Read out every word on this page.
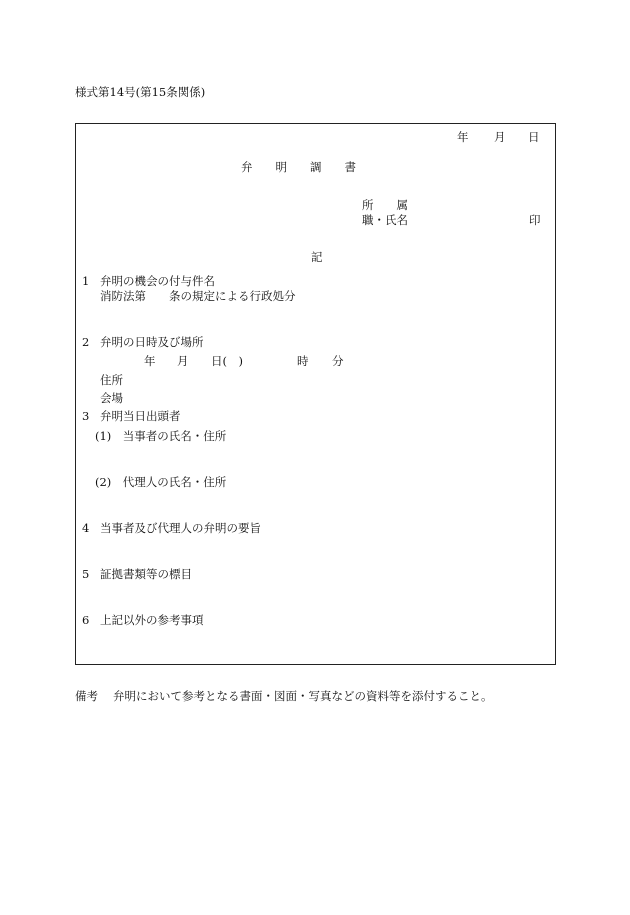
様式第14号(第15条関係)
年 月 日
弁　　明　　調　　書
所　　属
職・氏名	印
記
1 弁明の機会の付与件名
消防法第　　条の規定による行政処分
2 弁明の日時及び場所
年 月 日(　)	時 分
住所
会場
3 弁明当日出頭者
(1)　当事者の氏名・住所
(2)　代理人の氏名・住所
4 当事者及び代理人の弁明の要旨
5 証拠書類等の標目
6 上記以外の参考事項
備考 弁明において参考となる書面・図面・写真などの資料等を添付すること。
